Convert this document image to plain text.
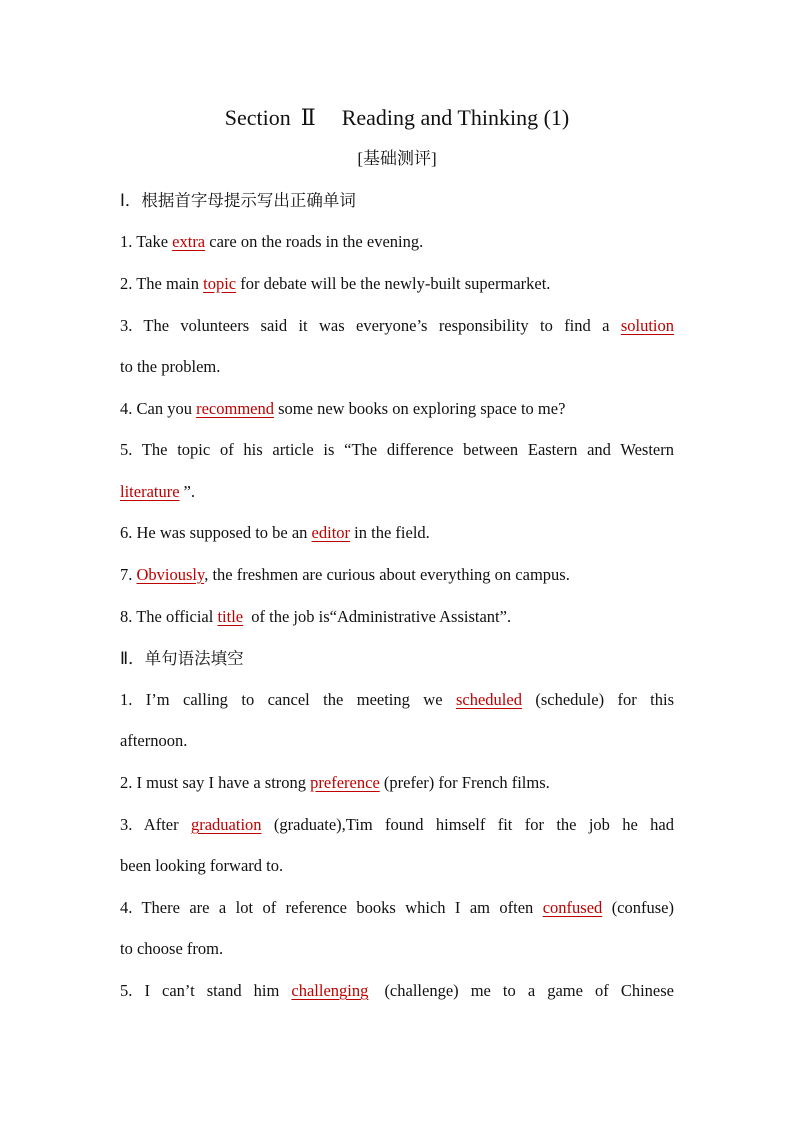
Section Ⅱ Reading and Thinking (1)
[基础测评]
Ⅰ．根据首字母提示写出正确单词
1. Take extra care on the roads in the evening.
2. The main topic for debate will be the newly-built supermarket.
3. The volunteers said it was everyone’s responsibility to find a solution
to the problem.
4. Can you recommend some new books on exploring space to me?
5. The topic of his article is “The difference between Eastern and Western
literature ”.
6. He was supposed to be an editor in the field.
7. Obviously, the freshmen are curious about everything on campus.
8. The official title of the job is“Administrative Assistant”.
Ⅱ．单句语法填空
1. I’m calling to cancel the meeting we scheduled (schedule) for this
afternoon.
2. I must say I have a strong preference (prefer) for French films.
3. After graduation (graduate),Tim found himself fit for the job he had
been looking forward to.
4. There are a lot of reference books which I am often confused (confuse)
to choose from.
5. I can’t stand him challenging (challenge) me to a game of Chinese
